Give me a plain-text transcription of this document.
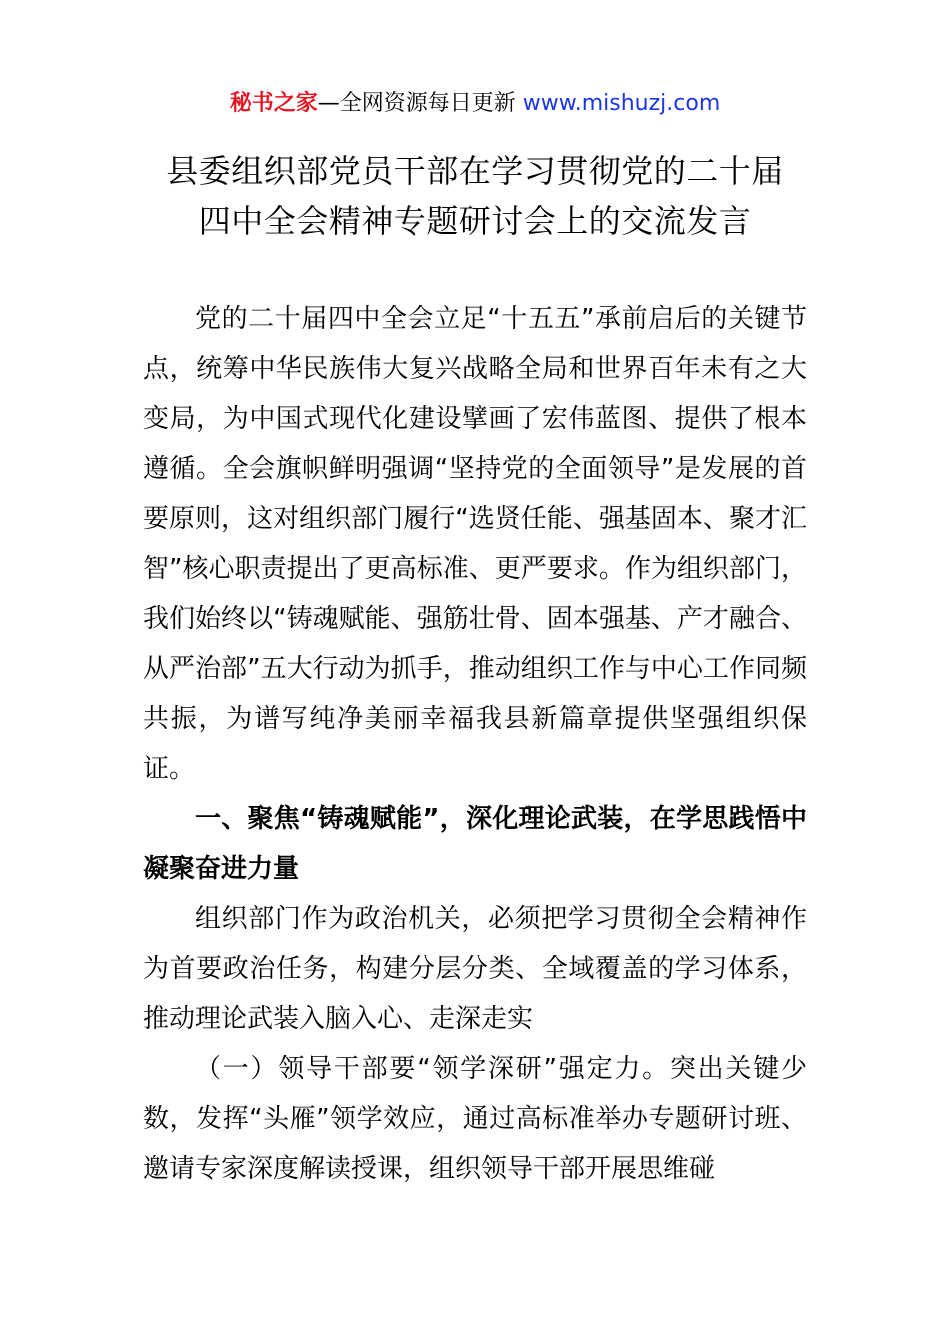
秘书之家—全网资源每日更新 www.mishuzj.com
县委组织部党员干部在学习贯彻党的二十届
四中全会精神专题研讨会上的交流发言

党的二十届四中全会立足“十五五”承前启后的关键节点，统筹中华民族伟大复兴战略全局和世界百年未有之大变局，为中国式现代化建设擘画了宏伟蓝图、提供了根本遵循。全会旗帜鲜明强调“坚持党的全面领导”是发展的首要原则，这对组织部门履行“选贤任能、强基固本、聚才汇智”核心职责提出了更高标准、更严要求。作为组织部门，我们始终以“铸魂赋能、强筋壮骨、固本强基、产才融合、从严治部”五大行动为抓手，推动组织工作与中心工作同频共振，为谱写纯净美丽幸福我县新篇章提供坚强组织保证。

一、聚焦“铸魂赋能”，深化理论武装，在学思践悟中凝聚奋进力量

组织部门作为政治机关，必须把学习贯彻全会精神作为首要政治任务，构建分层分类、全域覆盖的学习体系，推动理论武装入脑入心、走深走实

（一）领导干部要“领学深研”强定力。突出关键少数，发挥“头雁”领学效应，通过高标准举办专题研讨班、邀请专家深度解读授课，组织领导干部开展思维碰
